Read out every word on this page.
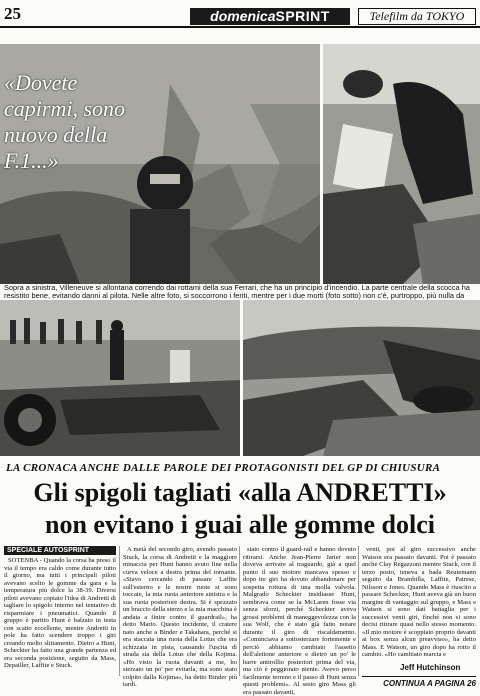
25	domenicaSPRINT	Telefilm da TOKYO
«Dovete capirmi, sono nuovo della F.1...»
Sopra a sinistra, Villeneuve si allontana correndo dai rottami della sua Ferrari, che ha un principio d'incendio. La parte centrale della scocca ha resistito bene, evitando danni al pilota. Nelle altre foto, si soccorrono i feriti, mentre per i due morti (foto sotto) non c'è, purtroppo, più nulla da
LA CRONACA ANCHE DALLE PAROLE DEI PROTAGONISTI DEL GP DI CHIUSURA
Gli spigoli tagliati «alla ANDRETTI»
non evitano i guai alle gomme dolci
SPECIALE AUTOSPRINT

SOTENBA - Quando la corsa ha preso il via il tempo era caldo come durante tutto il giorno, ma tutti i principali piloti avevano scelto le gomme da gara e la temperatura più dolce la 38-39. Diversi piloti avevano copiato l'idea di Andretti di tagliare lo spigolo interno nel tentativo di risparmiare i pneumatici. Quando il gruppo è partito Hunt è balzato in testa con scatto eccellente, mentre Andretti in pole ha fatto scendere troppo i giri creando molto slittamento. Dietro a Hunt, Scheckter ha fatto una grande partenza ed era seconda posizione, seguito da Mass, Depailler, Laffite e Stuck.

A metà del secondo giro, avendo passato Stuck, la corsa di Andretti e la maggiore minaccia per Hunt hanno avuto fine nella curva veloce a destra prima del tornante. «Stavo cercando di passare Laffite sull'esterno e le nostre ruote si sono toccate, la mia ruota anteriore sinistra e la sua ruota posteriore destra. Si è spezzato un braccio della sterzo e la mia macchina è andata a finire contro il guardrail», ha detto Mario. Questo incidente, il cratere nato anche a Binder e Takahara, perché si era staccata una ruota della Lotus che era schizzata in pista, causando l'uscita di strada sia della Lotus che della Kojima. «Ho visto la ruota davanti a me, ho sterzato un po' per evitarla, ma sono stato colpito dalla Kojima», ha detto Binder più tardi.

stato contro il guard-rail e hanno dovuto ritirarsi. Anche Jean-Pierre Jarier non doveva arrivare al traguardo, già a quel punto il suo motore mancava spesso e dopo tre giri ha dovuto abbandonare per sospetta rottura di una molla valvola. Malgrado Scheckter insidiasse Hunt, sembrava come se la McLaren fosse via senza sforzi, perché Scheckter aveva grossi problemi di maneggevolezza con la sua Wolf, che è stato già fatto notare durante il giro di riscaldamento. «Cominciava a sottosterzare fortemente e perciò abbiamo cambiato l'assetto dell'alettone anteriore e dietro un po' le barre antirollio posteriori prima del via, ma ciò è peggiorato niente. Avevo perso facilmente terreno e il passo di Hunt senza questi problemi». Al sesto giro Mass gli era passato davanti,

venti, poi al giro successivo anche Watson era passato davanti. Poi è passato anche Clay Regazzoni mentre Stuck, con il terzo posto, teneva a bada Reutemann seguito da Brambilla, Laffite, Patrese, Nilsson e Jones. Quando Mass è riuscito a passare Scheckter, Hunt aveva già un buon margine di vantaggio sul gruppo, e Mass e Watson si sono dati battaglia per i successivi venti giri, finché non si sono decisi ritirare quasi nello stesso momento. «Il mio motore è scoppiato proprio davanti ai box senza alcun preavviso», ha detto Mass. E Watson, un giro dopo ha rotto il cambio. «Ho cambiato marcia e

Jeff Hutchinson
CONTINUA A PAGINA 26
